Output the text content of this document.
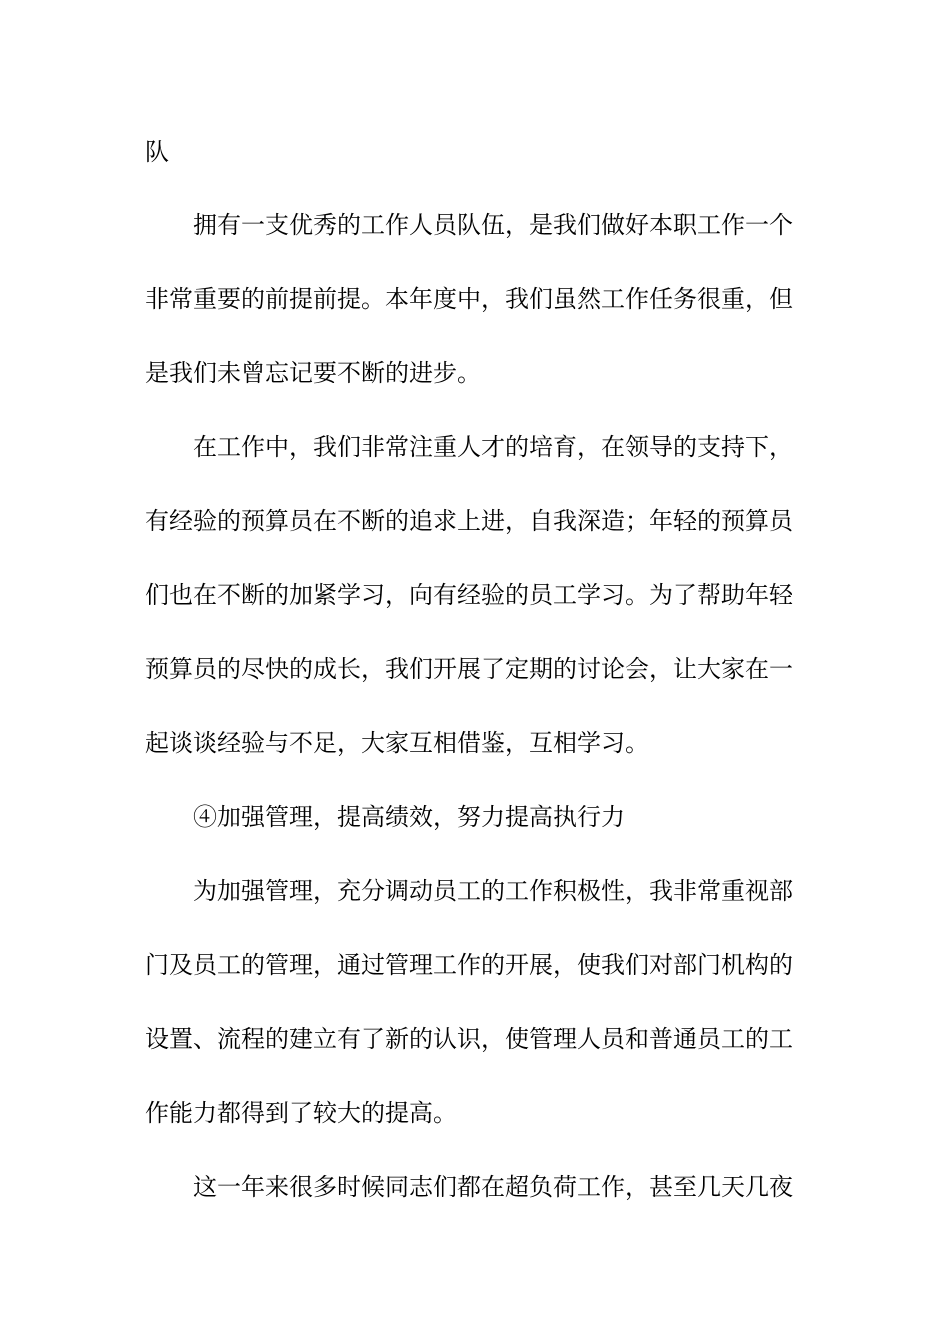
队

拥有一支优秀的工作人员队伍，是我们做好本职工作一个

非常重要的前提前提。本年度中，我们虽然工作任务很重，但

是我们未曾忘记要不断的进步。

在工作中，我们非常注重人才的培育，在领导的支持下，

有经验的预算员在不断的追求上进，自我深造；年轻的预算员

们也在不断的加紧学习，向有经验的员工学习。为了帮助年轻

预算员的尽快的成长，我们开展了定期的讨论会，让大家在一

起谈谈经验与不足，大家互相借鉴，互相学习。

④加强管理，提高绩效，努力提高执行力

为加强管理，充分调动员工的工作积极性，我非常重视部

门及员工的管理，通过管理工作的开展，使我们对部门机构的

设置、流程的建立有了新的认识，使管理人员和普通员工的工

作能力都得到了较大的提高。

这一年来很多时候同志们都在超负荷工作，甚至几天几夜
